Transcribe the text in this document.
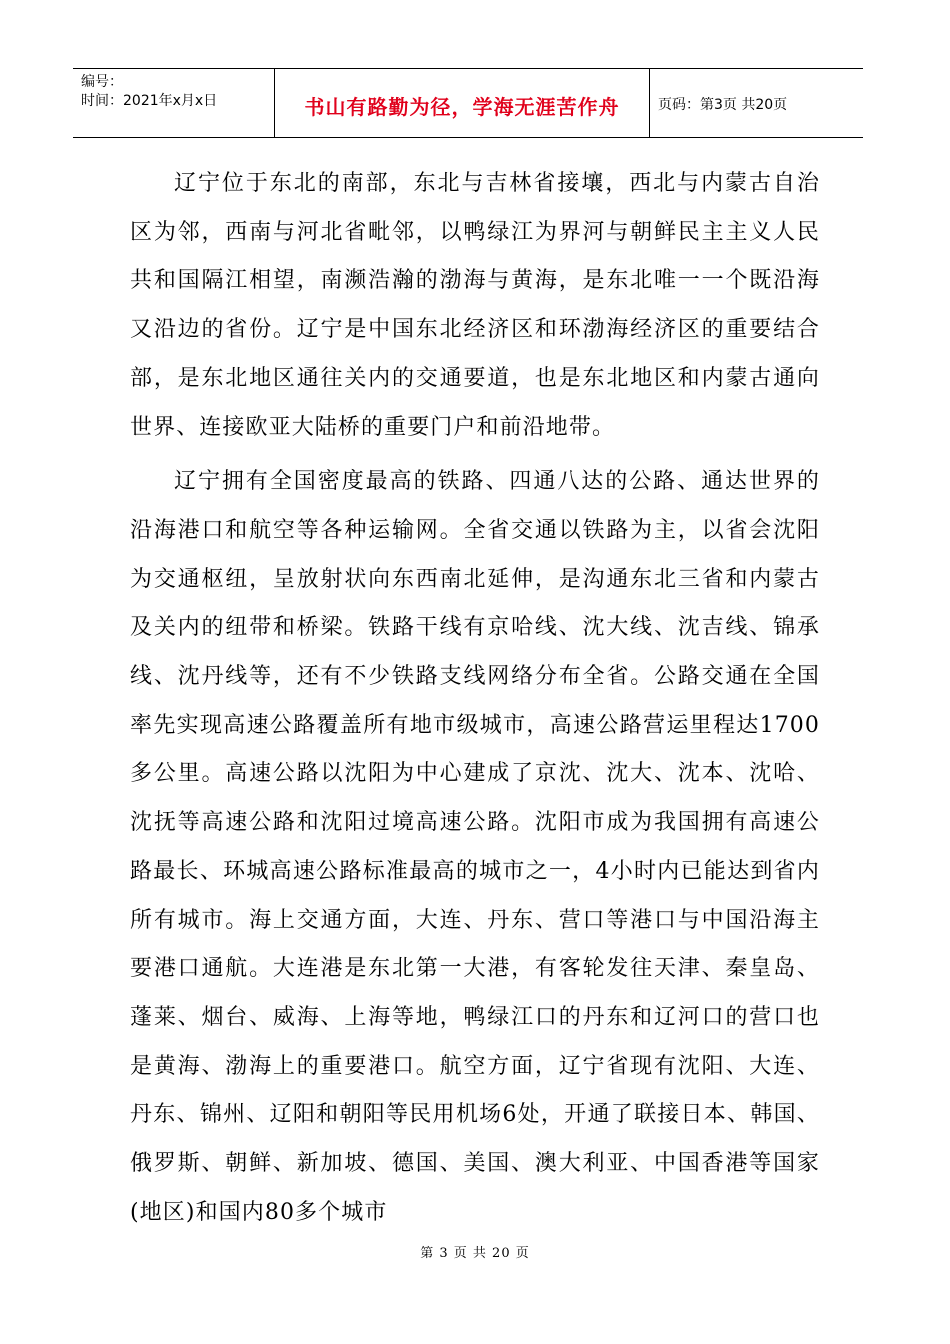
编号：
时间：2021年x月x日	书山有路勤为径，学海无涯苦作舟	页码：第3页 共20页

辽宁位于东北的南部，东北与吉林省接壤，西北与内蒙古自治区为邻，西南与河北省毗邻，以鸭绿江为界河与朝鲜民主主义人民共和国隔江相望，南濒浩瀚的渤海与黄海，是东北唯一一个既沿海又沿边的省份。辽宁是中国东北经济区和环渤海经济区的重要结合部，是东北地区通往关内的交通要道，也是东北地区和内蒙古通向世界、连接欧亚大陆桥的重要门户和前沿地带。

辽宁拥有全国密度最高的铁路、四通八达的公路、通达世界的沿海港口和航空等各种运输网。全省交通以铁路为主，以省会沈阳为交通枢纽，呈放射状向东西南北延伸，是沟通东北三省和内蒙古及关内的纽带和桥梁。铁路干线有京哈线、沈大线、沈吉线、锦承线、沈丹线等，还有不少铁路支线网络分布全省。公路交通在全国率先实现高速公路覆盖所有地市级城市，高速公路营运里程达1700多公里。高速公路以沈阳为中心建成了京沈、沈大、沈本、沈哈、沈抚等高速公路和沈阳过境高速公路。沈阳市成为我国拥有高速公路最长、环城高速公路标准最高的城市之一，4小时内已能达到省内所有城市。海上交通方面，大连、丹东、营口等港口与中国沿海主要港口通航。大连港是东北第一大港，有客轮发往天津、秦皇岛、蓬莱、烟台、威海、上海等地，鸭绿江口的丹东和辽河口的营口也是黄海、渤海上的重要港口。航空方面，辽宁省现有沈阳、大连、丹东、锦州、辽阳和朝阳等民用机场6处，开通了联接日本、韩国、俄罗斯、朝鲜、新加坡、德国、美国、澳大利亚、中国香港等国家(地区)和国内80多个城市

第 3 页 共 20 页
